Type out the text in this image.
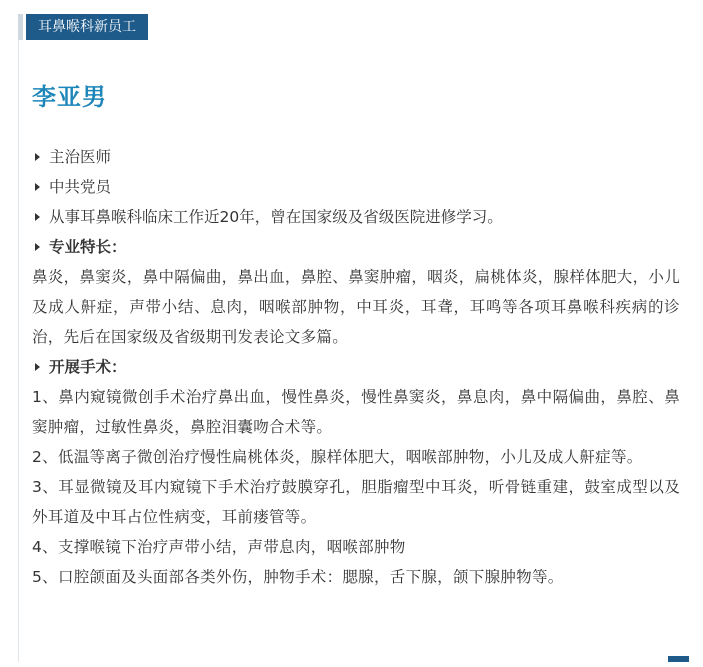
耳鼻喉科新员工
李亚男
主治医师
中共党员
从事耳鼻喉科临床工作近20年，曾在国家级及省级医院进修学习。
专业特长：
鼻炎，鼻窦炎，鼻中隔偏曲，鼻出血，鼻腔、鼻窦肿瘤，咽炎，扁桃体炎，腺样体肥大，小儿及成人鼾症，声带小结、息肉，咽喉部肿物，中耳炎，耳聋，耳鸣等各项耳鼻喉科疾病的诊治，先后在国家级及省级期刊发表论文多篇。
开展手术：
1、鼻内窥镜微创手术治疗鼻出血，慢性鼻炎，慢性鼻窦炎，鼻息肉，鼻中隔偏曲，鼻腔、鼻窦肿瘤，过敏性鼻炎，鼻腔泪囊吻合术等。
2、低温等离子微创治疗慢性扁桃体炎，腺样体肥大，咽喉部肿物，小儿及成人鼾症等。
3、耳显微镜及耳内窥镜下手术治疗鼓膜穿孔，胆脂瘤型中耳炎，听骨链重建，鼓室成型以及外耳道及中耳占位性病变，耳前瘘管等。
4、支撑喉镜下治疗声带小结，声带息肉，咽喉部肿物
5、口腔颌面及头面部各类外伤，肿物手术：腮腺，舌下腺，颌下腺肿物等。
